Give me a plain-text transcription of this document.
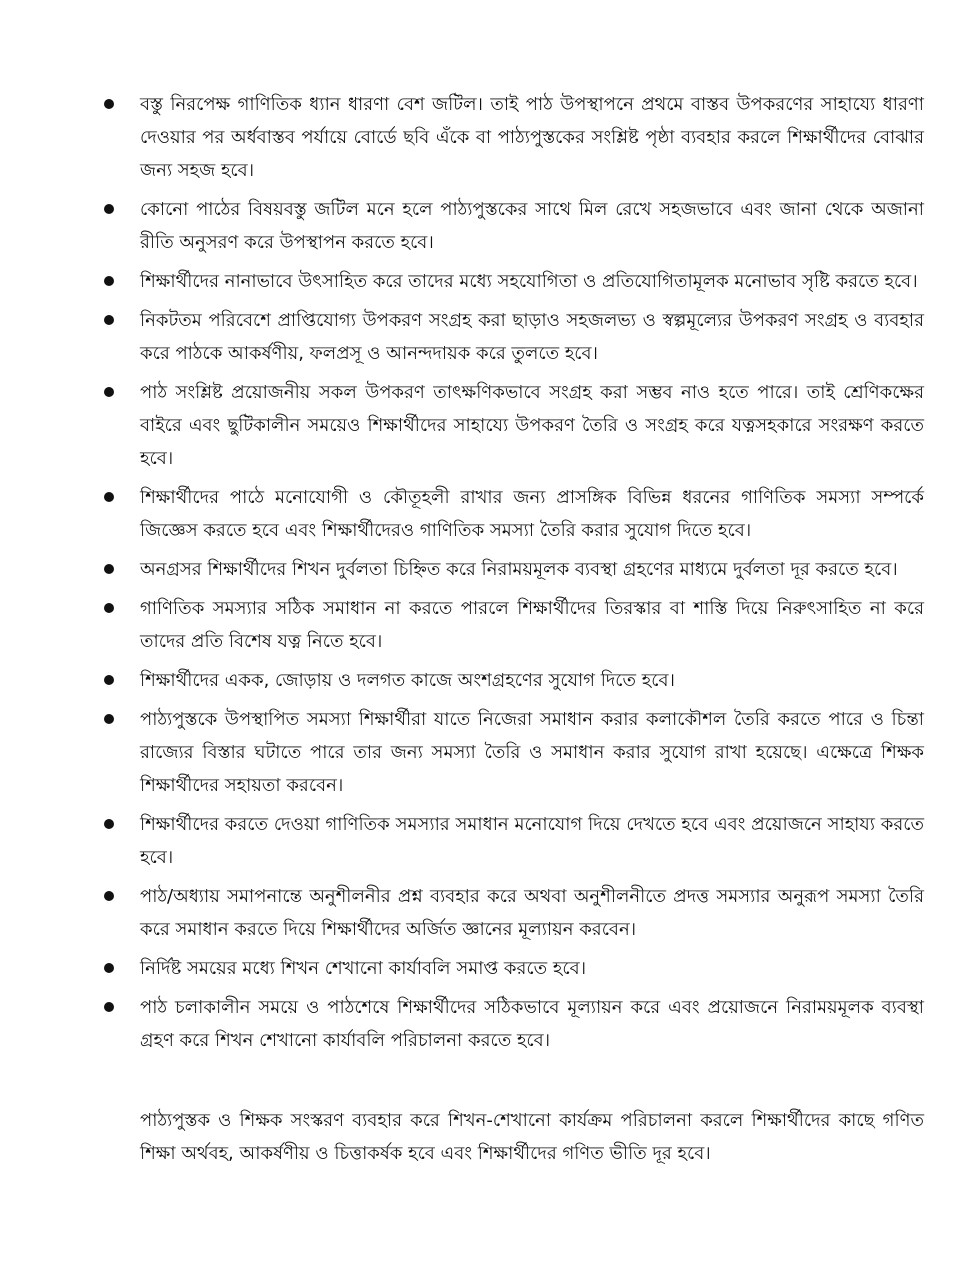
বস্তু নিরপেক্ষ গাণিতিক ধ্যান ধারণা বেশ জটিল। তাই পাঠ উপস্থাপনে প্রথমে বাস্তব উপকরণের সাহায্যে ধারণা দেওয়ার পর অর্ধবাস্তব পর্যায়ে বোর্ডে ছবি এঁকে বা পাঠ্যপুস্তকের সংশ্লিষ্ট পৃষ্ঠা ব্যবহার করলে শিক্ষার্থীদের বোঝার জন্য সহজ হবে।
কোনো পাঠের বিষয়বস্তু জটিল মনে হলে পাঠ্যপুস্তকের সাথে মিল রেখে সহজভাবে এবং জানা থেকে অজানা রীতি অনুসরণ করে উপস্থাপন করতে হবে।
শিক্ষার্থীদের নানাভাবে উৎসাহিত করে তাদের মধ্যে সহযোগিতা ও প্রতিযোগিতামূলক মনোভাব সৃষ্টি করতে হবে।
নিকটতম পরিবেশে প্রাপ্তিযোগ্য উপকরণ সংগ্রহ করা ছাড়াও সহজলভ্য ও স্বল্পমূল্যের উপকরণ সংগ্রহ ও ব্যবহার করে পাঠকে আকর্ষণীয়, ফলপ্রসূ ও আনন্দদায়ক করে তুলতে হবে।
পাঠ সংশ্লিষ্ট প্রয়োজনীয় সকল উপকরণ তাৎক্ষণিকভাবে সংগ্রহ করা সম্ভব নাও হতে পারে। তাই শ্রেণিকক্ষের বাইরে এবং ছুটিকালীন সময়েও শিক্ষার্থীদের সাহায্যে উপকরণ তৈরি ও সংগ্রহ করে যত্নসহকারে সংরক্ষণ করতে হবে।
শিক্ষার্থীদের পাঠে মনোযোগী ও কৌতূহলী রাখার জন্য প্রাসঙ্গিক বিভিন্ন ধরনের গাণিতিক সমস্যা সম্পর্কে জিজ্ঞেস করতে হবে এবং শিক্ষার্থীদেরও গাণিতিক সমস্যা তৈরি করার সুযোগ দিতে হবে।
অনগ্রসর শিক্ষার্থীদের শিখন দুর্বলতা চিহ্নিত করে নিরাময়মূলক ব্যবস্থা গ্রহণের মাধ্যমে দুর্বলতা দূর করতে হবে।
গাণিতিক সমস্যার সঠিক সমাধান না করতে পারলে শিক্ষার্থীদের তিরস্কার বা শাস্তি দিয়ে নিরুৎসাহিত না করে তাদের প্রতি বিশেষ যত্ন নিতে হবে।
শিক্ষার্থীদের একক, জোড়ায় ও দলগত কাজে অংশগ্রহণের সুযোগ দিতে হবে।
পাঠ্যপুস্তকে উপস্থাপিত সমস্যা শিক্ষার্থীরা যাতে নিজেরা সমাধান করার কলাকৌশল তৈরি করতে পারে ও চিন্তা রাজ্যের বিস্তার ঘটাতে পারে তার জন্য সমস্যা তৈরি ও সমাধান করার সুযোগ রাখা হয়েছে। এক্ষেত্রে শিক্ষক শিক্ষার্থীদের সহায়তা করবেন।
শিক্ষার্থীদের করতে দেওয়া গাণিতিক সমস্যার সমাধান মনোযোগ দিয়ে দেখতে হবে এবং প্রয়োজনে সাহায্য করতে হবে।
পাঠ/অধ্যায় সমাপনান্তে অনুশীলনীর প্রশ্ন ব্যবহার করে অথবা অনুশীলনীতে প্রদত্ত সমস্যার অনুরূপ সমস্যা তৈরি করে সমাধান করতে দিয়ে শিক্ষার্থীদের অর্জিত জ্ঞানের মূল্যায়ন করবেন।
নির্দিষ্ট সময়ের মধ্যে শিখন শেখানো কার্যাবলি সমাপ্ত করতে হবে।
পাঠ চলাকালীন সময়ে ও পাঠশেষে শিক্ষার্থীদের সঠিকভাবে মূল্যায়ন করে এবং প্রয়োজনে নিরাময়মূলক ব্যবস্থা গ্রহণ করে শিখন শেখানো কার্যাবলি পরিচালনা করতে হবে।

পাঠ্যপুস্তক ও শিক্ষক সংস্করণ ব্যবহার করে শিখন-শেখানো কার্যক্রম পরিচালনা করলে শিক্ষার্থীদের কাছে গণিত শিক্ষা অর্থবহ, আকর্ষণীয় ও চিত্তাকর্ষক হবে এবং শিক্ষার্থীদের গণিত ভীতি দূর হবে।
